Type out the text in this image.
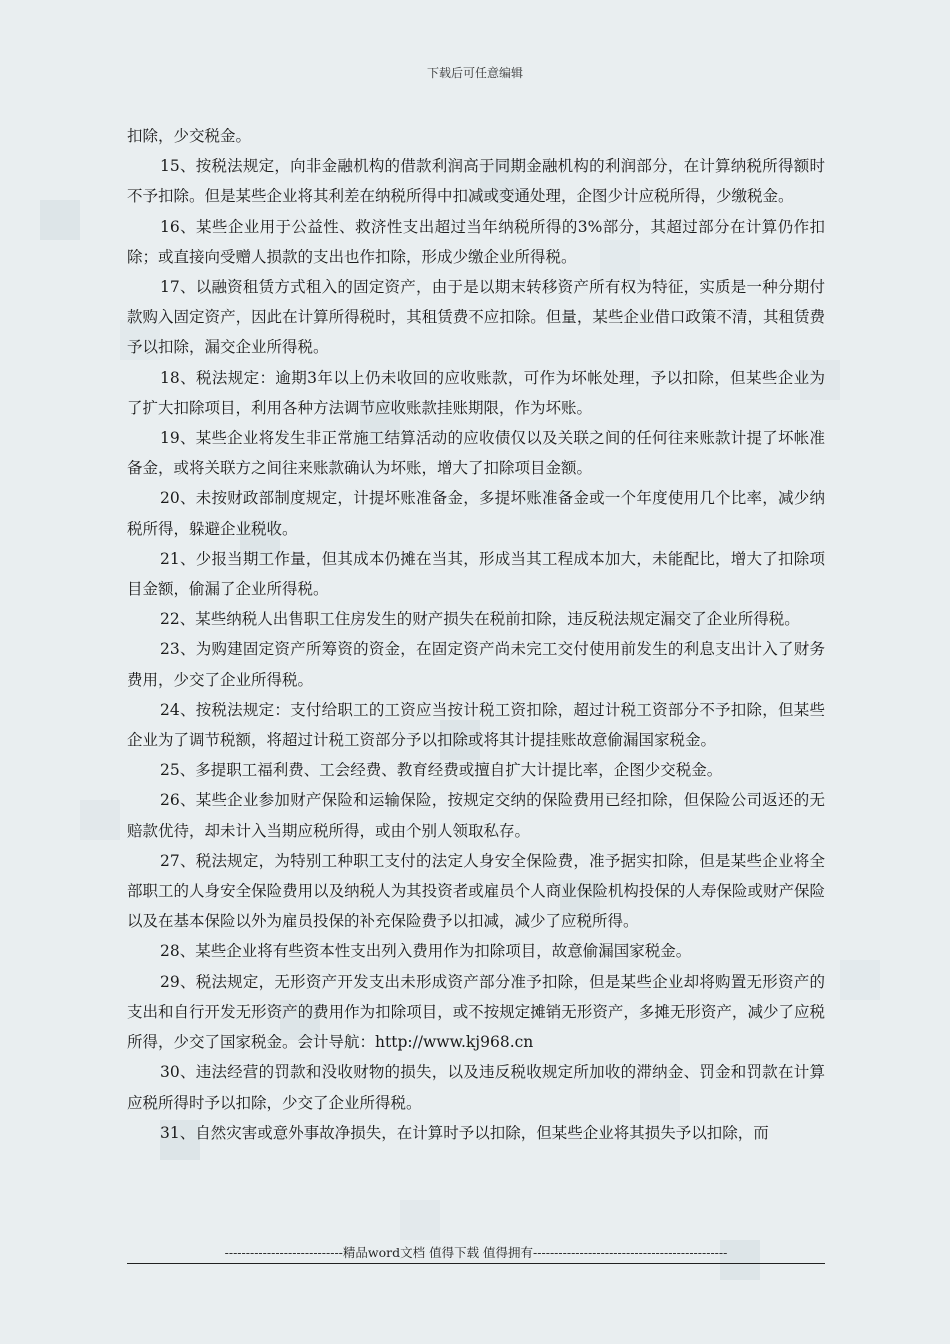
下载后可任意编辑

扣除，少交税金。

15、按税法规定，向非金融机构的借款利润高于同期金融机构的利润部分，在计算纳税所得额时不予扣除。但是某些企业将其利差在纳税所得中扣减或变通处理，企图少计应税所得，少缴税金。

16、某些企业用于公益性、救济性支出超过当年纳税所得的3%部分，其超过部分在计算仍作扣除；或直接向受赠人损款的支出也作扣除，形成少缴企业所得税。

17、以融资租赁方式租入的固定资产，由于是以期末转移资产所有权为特征，实质是一种分期付款购入固定资产，因此在计算所得税时，其租赁费不应扣除。但量，某些企业借口政策不清，其租赁费予以扣除，漏交企业所得税。

18、税法规定：逾期3年以上仍未收回的应收账款，可作为坏帐处理，予以扣除，但某些企业为了扩大扣除项目，利用各种方法调节应收账款挂账期限，作为坏账。

19、某些企业将发生非正常施工结算活动的应收债仅以及关联之间的任何往来账款计提了坏帐准备金，或将关联方之间往来账款确认为坏账，增大了扣除项目金额。

20、未按财政部制度规定，计提坏账准备金，多提坏账准备金或一个年度使用几个比率，减少纳税所得，躲避企业税收。

21、少报当期工作量，但其成本仍摊在当其，形成当其工程成本加大，未能配比，增大了扣除项目金额，偷漏了企业所得税。

22、某些纳税人出售职工住房发生的财产损失在税前扣除，违反税法规定漏交了企业所得税。

23、为购建固定资产所筹资的资金，在固定资产尚未完工交付使用前发生的利息支出计入了财务费用，少交了企业所得税。

24、按税法规定：支付给职工的工资应当按计税工资扣除，超过计税工资部分不予扣除，但某些企业为了调节税额，将超过计税工资部分予以扣除或将其计提挂账故意偷漏国家税金。

25、多提职工福利费、工会经费、教育经费或擅自扩大计提比率，企图少交税金。

26、某些企业参加财产保险和运输保险，按规定交纳的保险费用已经扣除，但保险公司返还的无赔款优待，却未计入当期应税所得，或由个别人领取私存。

27、税法规定，为特别工种职工支付的法定人身安全保险费，准予据实扣除，但是某些企业将全部职工的人身安全保险费用以及纳税人为其投资者或雇员个人商业保险机构投保的人寿保险或财产保险以及在基本保险以外为雇员投保的补充保险费予以扣减，减少了应税所得。

28、某些企业将有些资本性支出列入费用作为扣除项目，故意偷漏国家税金。

29、税法规定，无形资产开发支出未形成资产部分准予扣除，但是某些企业却将购置无形资产的支出和自行开发无形资产的费用作为扣除项目，或不按规定摊销无形资产，多摊无形资产，减少了应税所得，少交了国家税金。会计导航：http://www.kj968.cn

30、违法经营的罚款和没收财物的损失，以及违反税收规定所加收的滞纳金、罚金和罚款在计算应税所得时予以扣除，少交了企业所得税。

31、自然灾害或意外事故净损失，在计算时予以扣除，但某些企业将其损失予以扣除，而

----------------------------精品word文档 值得下载 值得拥有----------------------------------------------
